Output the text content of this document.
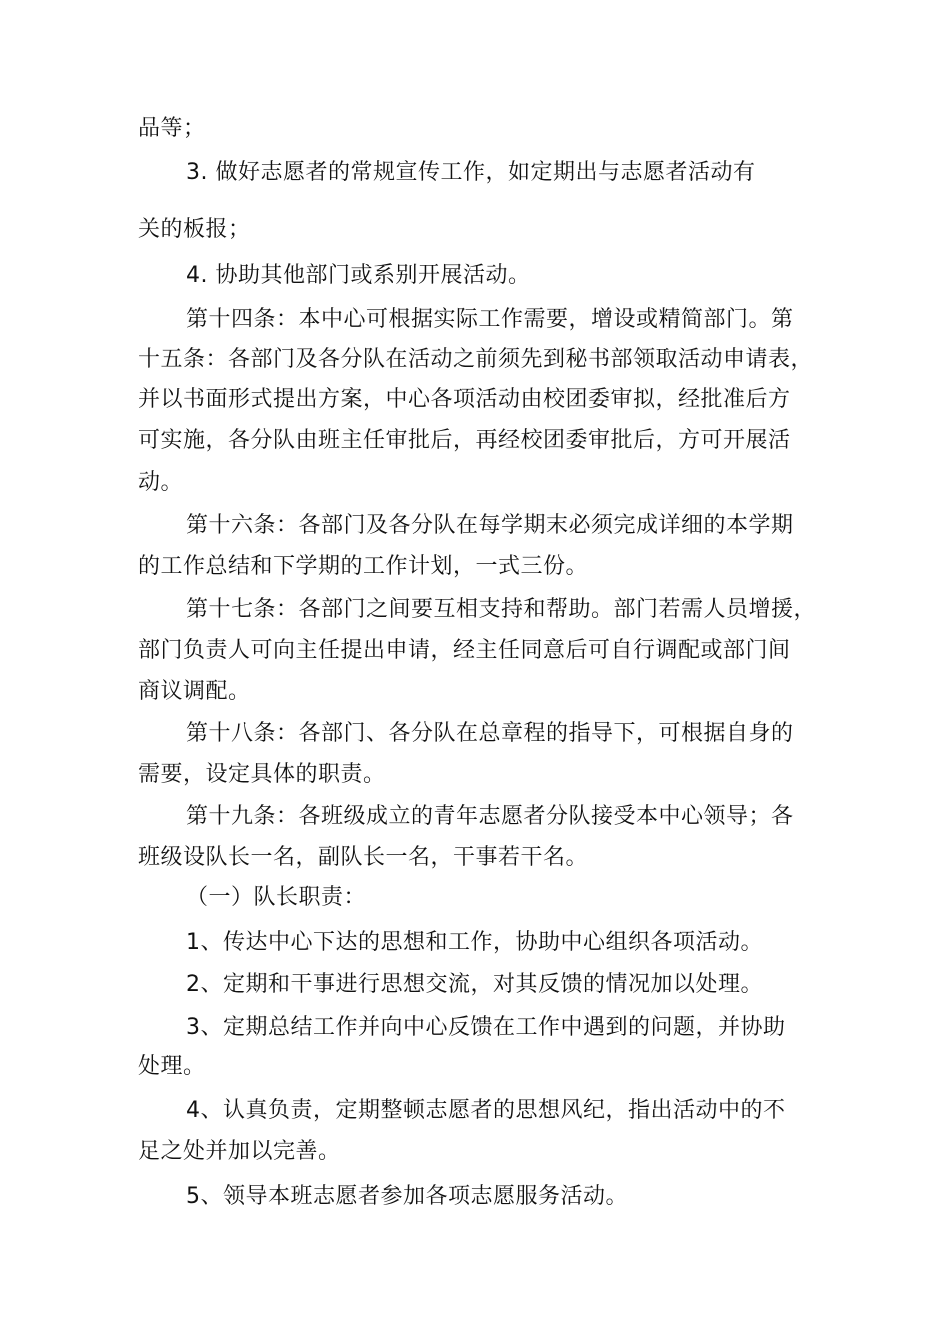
品等；
3. 做好志愿者的常规宣传工作，如定期出与志愿者活动有
关的板报；
4. 协助其他部门或系别开展活动。
第十四条：本中心可根据实际工作需要，增设或精简部门。第
十五条：各部门及各分队在活动之前须先到秘书部领取活动申请表，
并以书面形式提出方案，中心各项活动由校团委审拟，经批准后方
可实施，各分队由班主任审批后，再经校团委审批后，方可开展活
动。
第十六条：各部门及各分队在每学期末必须完成详细的本学期
的工作总结和下学期的工作计划，一式三份。
第十七条：各部门之间要互相支持和帮助。部门若需人员增援，
部门负责人可向主任提出申请，经主任同意后可自行调配或部门间
商议调配。
第十八条：各部门、各分队在总章程的指导下，可根据自身的
需要，设定具体的职责。
第十九条：各班级成立的青年志愿者分队接受本中心领导；各
班级设队长一名，副队长一名，干事若干名。
（一）队长职责：
1、传达中心下达的思想和工作，协助中心组织各项活动。
2、定期和干事进行思想交流，对其反馈的情况加以处理。
3、定期总结工作并向中心反馈在工作中遇到的问题，并协助
处理。
4、认真负责，定期整顿志愿者的思想风纪，指出活动中的不
足之处并加以完善。
5、领导本班志愿者参加各项志愿服务活动。
